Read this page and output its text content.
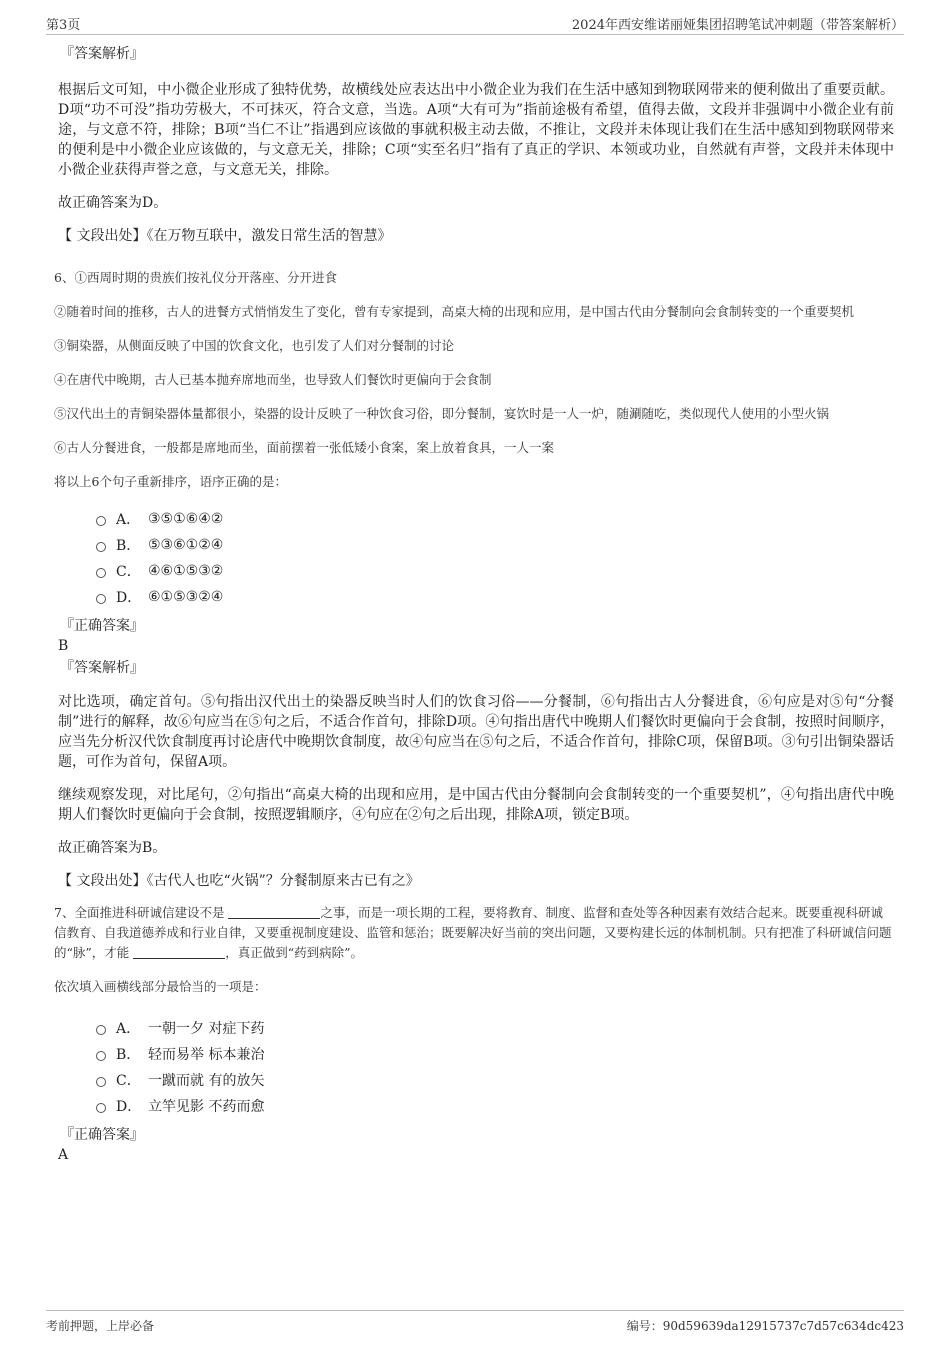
第3页	2024年西安维诺丽娅集团招聘笔试冲刺题（带答案解析）
『答案解析』

根据后文可知，中小微企业形成了独特优势，故横线处应表达出中小微企业为我们在生活中感知到物联网带来的便利做出了重要贡献。D项“功不可没”指功劳极大，不可抹灭，符合文意，当选。A项“大有可为”指前途极有希望，值得去做，文段并非强调中小微企业有前途，与文意不符，排除；B项“当仁不让”指遇到应该做的事就积极主动去做，不推让，文段并未体现让我们在生活中感知到物联网带来的便利是中小微企业应该做的，与文意无关，排除；C项“实至名归”指有了真正的学识、本领或功业，自然就有声誉，文段并未体现中小微企业获得声誉之意，与文意无关，排除。

故正确答案为D。

【 文段出处】《在万物互联中，激发日常生活的智慧》

6、①西周时期的贵族们按礼仪分开落座、分开进食

②随着时间的推移，古人的进餐方式悄悄发生了变化，曾有专家提到，高桌大椅的出现和应用，是中国古代由分餐制向会食制转变的一个重要契机

③铜染器，从侧面反映了中国的饮食文化，也引发了人们对分餐制的讨论

④在唐代中晚期，古人已基本抛弃席地而坐，也导致人们餐饮时更偏向于会食制

⑤汉代出土的青铜染器体量都很小，染器的设计反映了一种饮食习俗，即分餐制，宴饮时是一人一炉，随涮随吃，类似现代人使用的小型火锅

⑥古人分餐进食，一般都是席地而坐，面前摆着一张低矮小食案，案上放着食具，一人一案

将以上6个句子重新排序，语序正确的是：

A． ③⑤①⑥④②
B． ⑤③⑥①②④
C． ④⑥①⑤③②
D． ⑥①⑤③②④
『正确答案』
B
『答案解析』

对比选项，确定首句。⑤句指出汉代出土的染器反映当时人们的饮食习俗——分餐制，⑥句指出古人分餐进食，⑥句应是对⑤句“分餐制”进行的解释，故⑥句应当在⑤句之后，不适合作首句，排除D项。④句指出唐代中晚期人们餐饮时更偏向于会食制，按照时间顺序，应当先分析汉代饮食制度再讨论唐代中晚期饮食制度，故④句应当在⑤句之后，不适合作首句，排除C项，保留B项。③句引出铜染器话题，可作为首句，保留A项。

继续观察发现，对比尾句，②句指出“高桌大椅的出现和应用，是中国古代由分餐制向会食制转变的一个重要契机”，④句指出唐代中晚期人们餐饮时更偏向于会食制，按照逻辑顺序，④句应在②句之后出现，排除A项，锁定B项。

故正确答案为B。

【 文段出处】《古代人也吃“火锅”？分餐制原来古已有之》

7、全面推进科研诚信建设不是	之事，而是一项长期的工程，要将教育、制度、监督和查处等各种因素有效结合起来。既要重视科研诚信教育、自我道德养成和行业自律，又要重视制度建设、监管和惩治；既要解决好当前的突出问题，又要构建长远的体制机制。只有把准了科研诚信问题的“脉”，才能	，真正做到“药到病除”。

依次填入画横线部分最恰当的一项是：

A． 一朝一夕 对症下药
B． 轻而易举 标本兼治
C． 一蹴而就 有的放矢
D． 立竿见影 不药而愈
『正确答案』
A
考前押题，上岸必备	编号：90d59639da12915737c7d57c634dc423
